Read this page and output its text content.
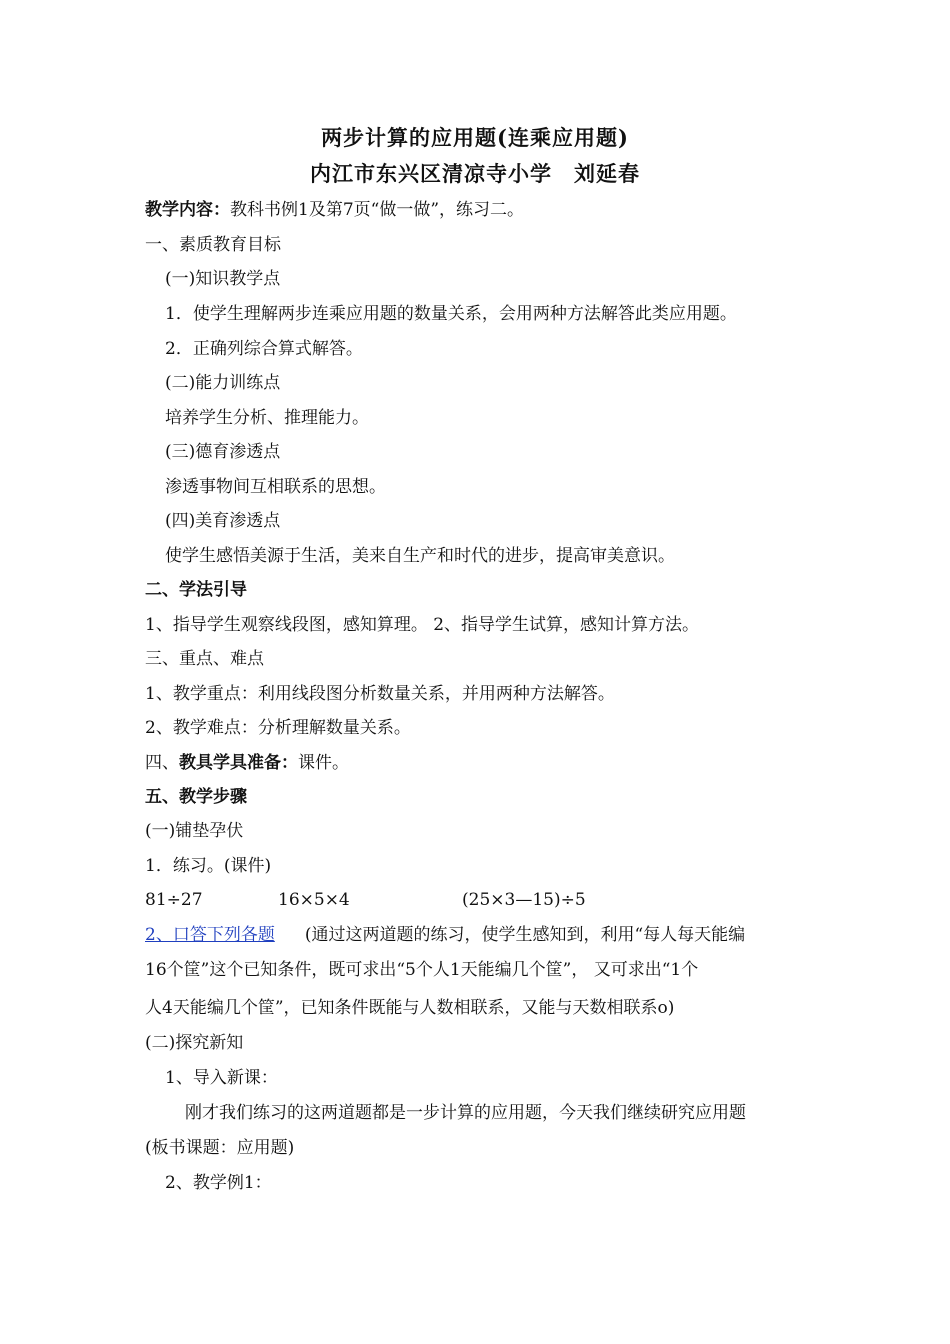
两步计算的应用题(连乘应用题)
内江市东兴区清凉寺小学　刘延春
教学内容：教科书例1及第7页“做一做”，练习二。
一、素质教育目标
(一)知识教学点
1．使学生理解两步连乘应用题的数量关系，会用两种方法解答此类应用题。
2．正确列综合算式解答。
(二)能力训练点
培养学生分析、推理能力。
(三)德育渗透点
渗透事物间互相联系的思想。
(四)美育渗透点
使学生感悟美源于生活，美来自生产和时代的进步，提高审美意识。
二、学法引导
1、指导学生观察线段图，感知算理。 2、指导学生试算，感知计算方法。
三、重点、难点
1、教学重点：利用线段图分析数量关系，并用两种方法解答。
2、教学难点：分析理解数量关系。
四、教具学具准备：课件。
五、教学步骤
(一)铺垫孕伏
1．练习。(课件)
81÷27	16×5×4	(25×3—15)÷5
2、口答下列各题 (通过这两道题的练习，使学生感知到，利用“每人每天能编
16个筐”这个已知条件，既可求出“5个人1天能编几个筐”， 又可求出“1个
人4天能编几个筐”，已知条件既能与人数相联系，又能与天数相联系o)
(二)探究新知
1、导入新课：
刚才我们练习的这两道题都是一步计算的应用题，今天我们继续研究应用题
(板书课题：应用题)
2、教学例1：
